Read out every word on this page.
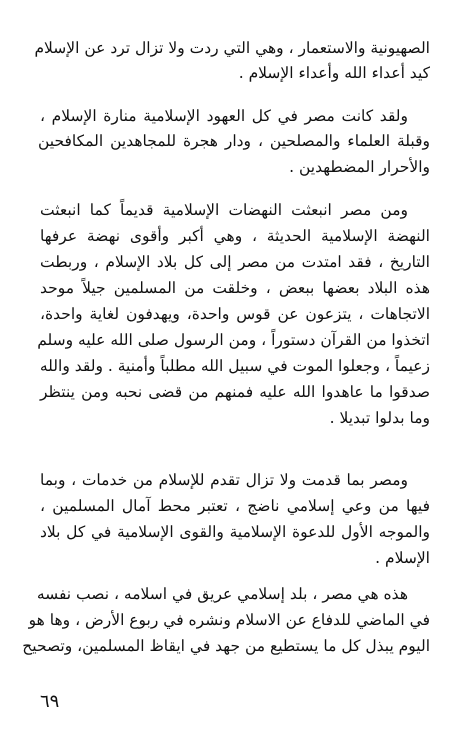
الصهيونية والاستعمار ، وهي التي ردت ولا تزال ترد عن الإسلام
كيد أعداء الله وأعداء الإسلام .
ولقد كانت مصر في كل العهود الإسلامية منارة الإسلام ،
وقبلة العلماء والمصلحين ، ودار هجرة للمجاهدين المكافحين
والأحرار المضطهدين .
ومن مصر انبعثت النهضات الإسلامية قديماً كما انبعثت
النهضة الإسلامية الحديثة ، وهي أكبر وأقوى نهضة عرفها
التاريخ ، فقد امتدت من مصر إلى كل بلاد الإسلام ، وربطت
هذه البلاد بعضها ببعض ، وخلقت من المسلمين جيلاً موحد
الاتجاهات ، يتزعون عن قوس واحدة، ويهدفون لغاية واحدة،
اتخذوا من القرآن دستوراً ، ومن الرسول صلى الله عليه وسلم
زعيماً ، وجعلوا الموت في سبيل الله مطلباً وأمنية . ولقد والله
صدقوا ما عاهدوا الله عليه فمنهم من قضى نحبه ومن ينتظر
وما بدلوا تبديلا .
ومصر بما قدمت ولا تزال تقدم للإسلام من خدمات ، وبما
فيها من وعي إسلامي ناضج ، تعتبر محط آمال المسلمين ،
والموجه الأول للدعوة الإسلامية والقوى الإسلامية في كل بلاد
الإسلام .
هذه هي مصر ، بلد إسلامي عريق في اسلامه ، نصب نفسه
في الماضي للدفاع عن الاسلام ونشره في ربوع الأرض ، وها هو
اليوم يبذل كل ما يستطيع من جهد في ايقاظ المسلمين، وتصحيح
٦٩
